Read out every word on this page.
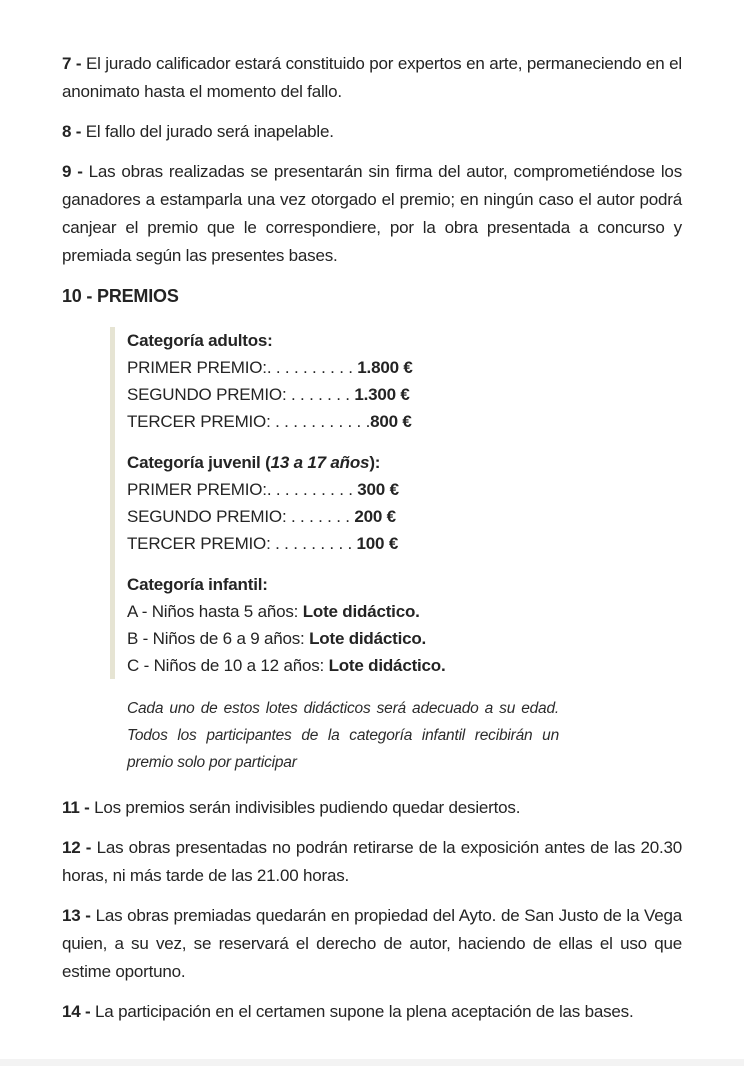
7 - El jurado calificador estará constituido por expertos en arte, permaneciendo en el anonimato hasta el momento del fallo.

8 - El fallo del jurado será inapelable.

9 - Las obras realizadas se presentarán sin firma del autor, comprometiéndose los ganadores a estamparla una vez otorgado el premio; en ningún caso el autor podrá canjear el premio que le correspondiere, por la obra presentada a concurso y premiada según las presentes bases.

10 - PREMIOS
Categoría adultos:
PRIMER PREMIO:. . . . . . . . . . 1.800 €
SEGUNDO PREMIO: . . . . . . . 1.300 €
TERCER PREMIO: . . . . . . . . . . .800 €
Categoría juvenil (13 a 17 años):
PRIMER PREMIO:. . . . . . . . . . 300 €
SEGUNDO PREMIO: . . . . . . . 200 €
TERCER PREMIO: . . . . . . . . . 100 €
Categoría infantil:
A - Niños hasta 5 años: Lote didáctico.
B - Niños de 6 a 9 años: Lote didáctico.
C - Niños de 10 a 12 años: Lote didáctico.
Cada uno de estos lotes didácticos será adecuado a su edad. Todos los participantes de la categoría infantil recibirán un premio solo por participar

11 - Los premios serán indivisibles pudiendo quedar desiertos.

12 - Las obras presentadas no podrán retirarse de la exposición antes de las 20.30 horas, ni más tarde de las 21.00 horas.

13 - Las obras premiadas quedarán en propiedad del Ayto. de San Justo de la Vega quien, a su vez, se reservará el derecho de autor, haciendo de ellas el uso que estime oportuno.

14 - La participación en el certamen supone la plena aceptación de las bases.
